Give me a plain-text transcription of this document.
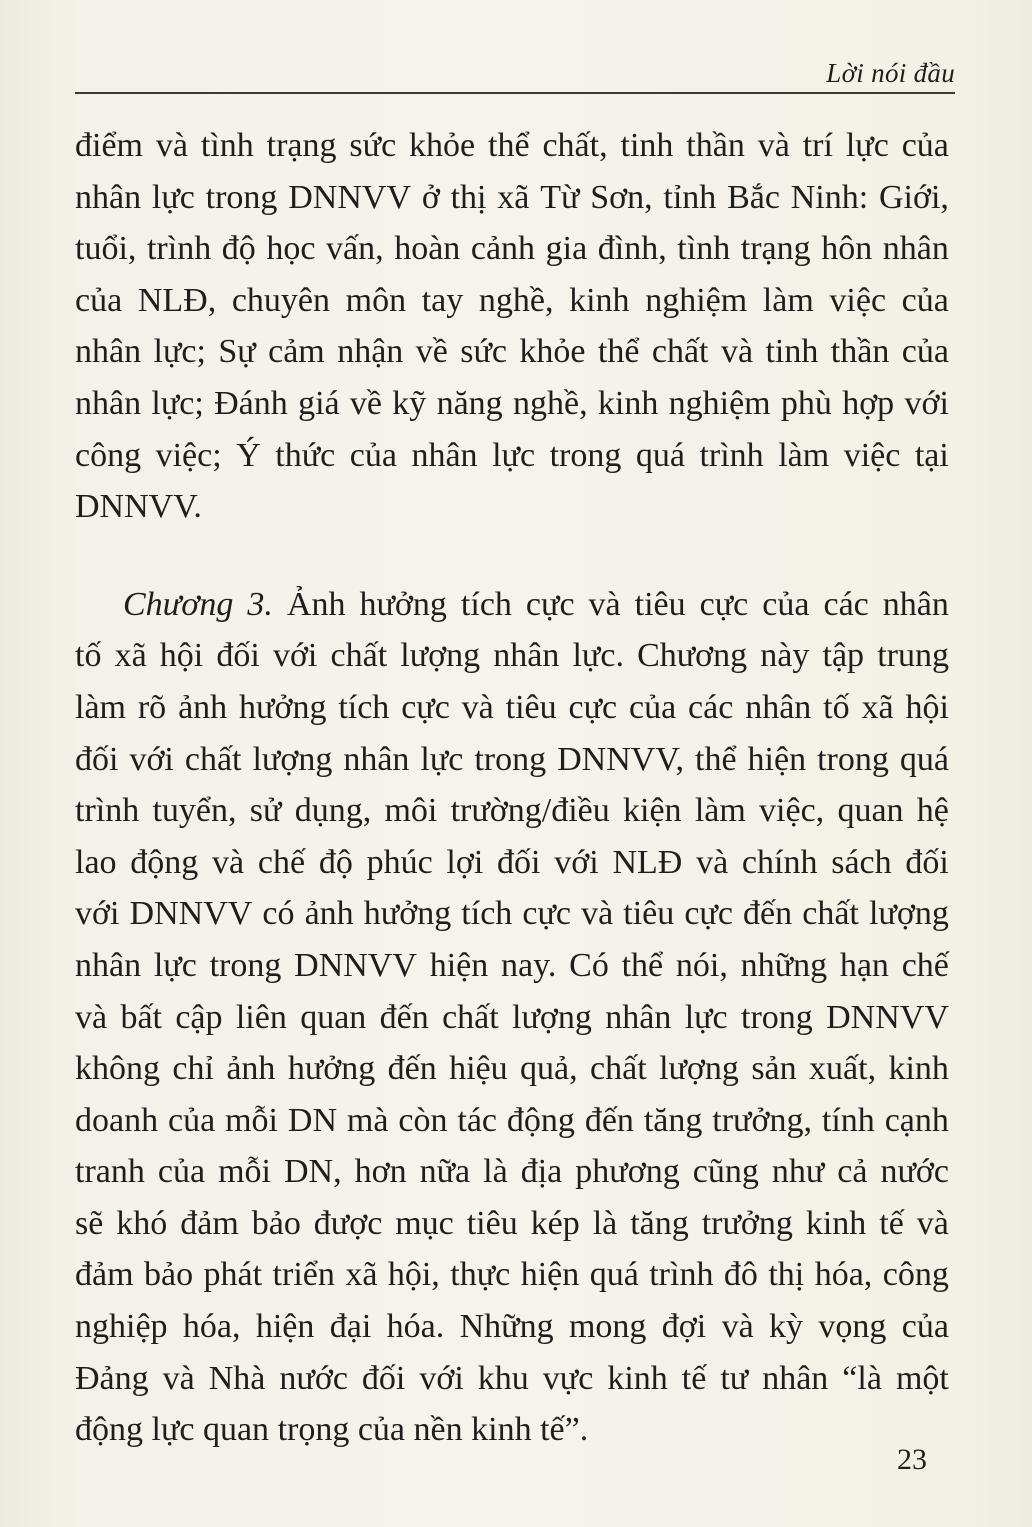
Lời nói đầu
điểm và tình trạng sức khỏe thể chất, tinh thần và trí lực của
nhân lực trong DNNVV ở thị xã Từ Sơn, tỉnh Bắc Ninh: Giới,
tuổi, trình độ học vấn, hoàn cảnh gia đình, tình trạng hôn nhân
của NLĐ, chuyên môn tay nghề, kinh nghiệm làm việc của
nhân lực; Sự cảm nhận về sức khỏe thể chất và tinh thần của
nhân lực; Đánh giá về kỹ năng nghề, kinh nghiệm phù hợp với
công việc; Ý thức của nhân lực trong quá trình làm việc tại
DNNVV.
Chương 3. Ảnh hưởng tích cực và tiêu cực của các nhân
tố xã hội đối với chất lượng nhân lực. Chương này tập trung
làm rõ ảnh hưởng tích cực và tiêu cực của các nhân tố xã hội
đối với chất lượng nhân lực trong DNNVV, thể hiện trong quá
trình tuyển, sử dụng, môi trường/điều kiện làm việc, quan hệ
lao động và chế độ phúc lợi đối với NLĐ và chính sách đối
với DNNVV có ảnh hưởng tích cực và tiêu cực đến chất lượng
nhân lực trong DNNVV hiện nay. Có thể nói, những hạn chế
và bất cập liên quan đến chất lượng nhân lực trong DNNVV
không chỉ ảnh hưởng đến hiệu quả, chất lượng sản xuất, kinh
doanh của mỗi DN mà còn tác động đến tăng trưởng, tính cạnh
tranh của mỗi DN, hơn nữa là địa phương cũng như cả nước
sẽ khó đảm bảo được mục tiêu kép là tăng trưởng kinh tế và
đảm bảo phát triển xã hội, thực hiện quá trình đô thị hóa, công
nghiệp hóa, hiện đại hóa. Những mong đợi và kỳ vọng của
Đảng và Nhà nước đối với khu vực kinh tế tư nhân “là một
động lực quan trọng của nền kinh tế”.
23
